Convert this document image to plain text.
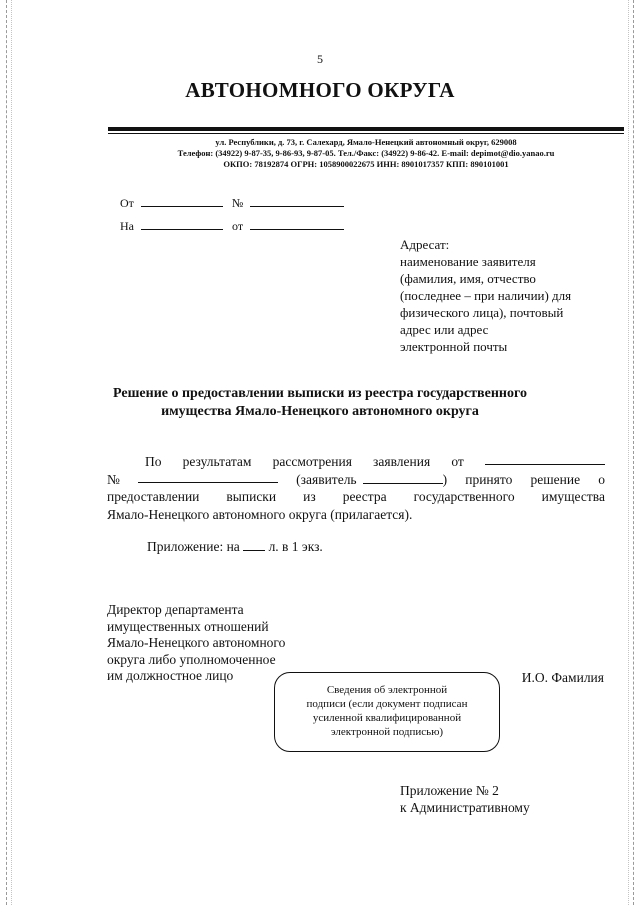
5
АВТОНОМНОГО ОКРУГА
ул. Республики, д. 73, г. Салехард, Ямало-Ненецкий автономный округ, 629008
Телефон: (34922) 9-87-35, 9-86-93, 9-87-05. Тел./Факс: (34922) 9-86-42. E-mail: depimot@dio.yanao.ru
ОКПО: 78192874 ОГРН: 1058900022675 ИНН: 8901017357 КПП: 890101001
От	№
На	от
Адресат:
наименование заявителя
(фамилия, имя, отчество
(последнее – при наличии) для
физического лица), почтовый
адрес или адрес
электронной почты
Решение о предоставлении выписки из реестра государственного
имущества Ямало-Ненецкого автономного округа
По результатам рассмотрения заявления от
№	(заявитель	) принято решение о
предоставлении выписки из реестра государственного имущества
Ямало-Ненецкого автономного округа (прилагается).
Приложение: на л. в 1 экз.
Директор департамента
имущественных отношений
Ямало-Ненецкого автономного
округа либо уполномоченное
им должностное лицо	И.О. Фамилия
Сведения об электронной
подписи (если документ подписан
усиленной квалифицированной
электронной подписью)
Приложение № 2
к Административному
